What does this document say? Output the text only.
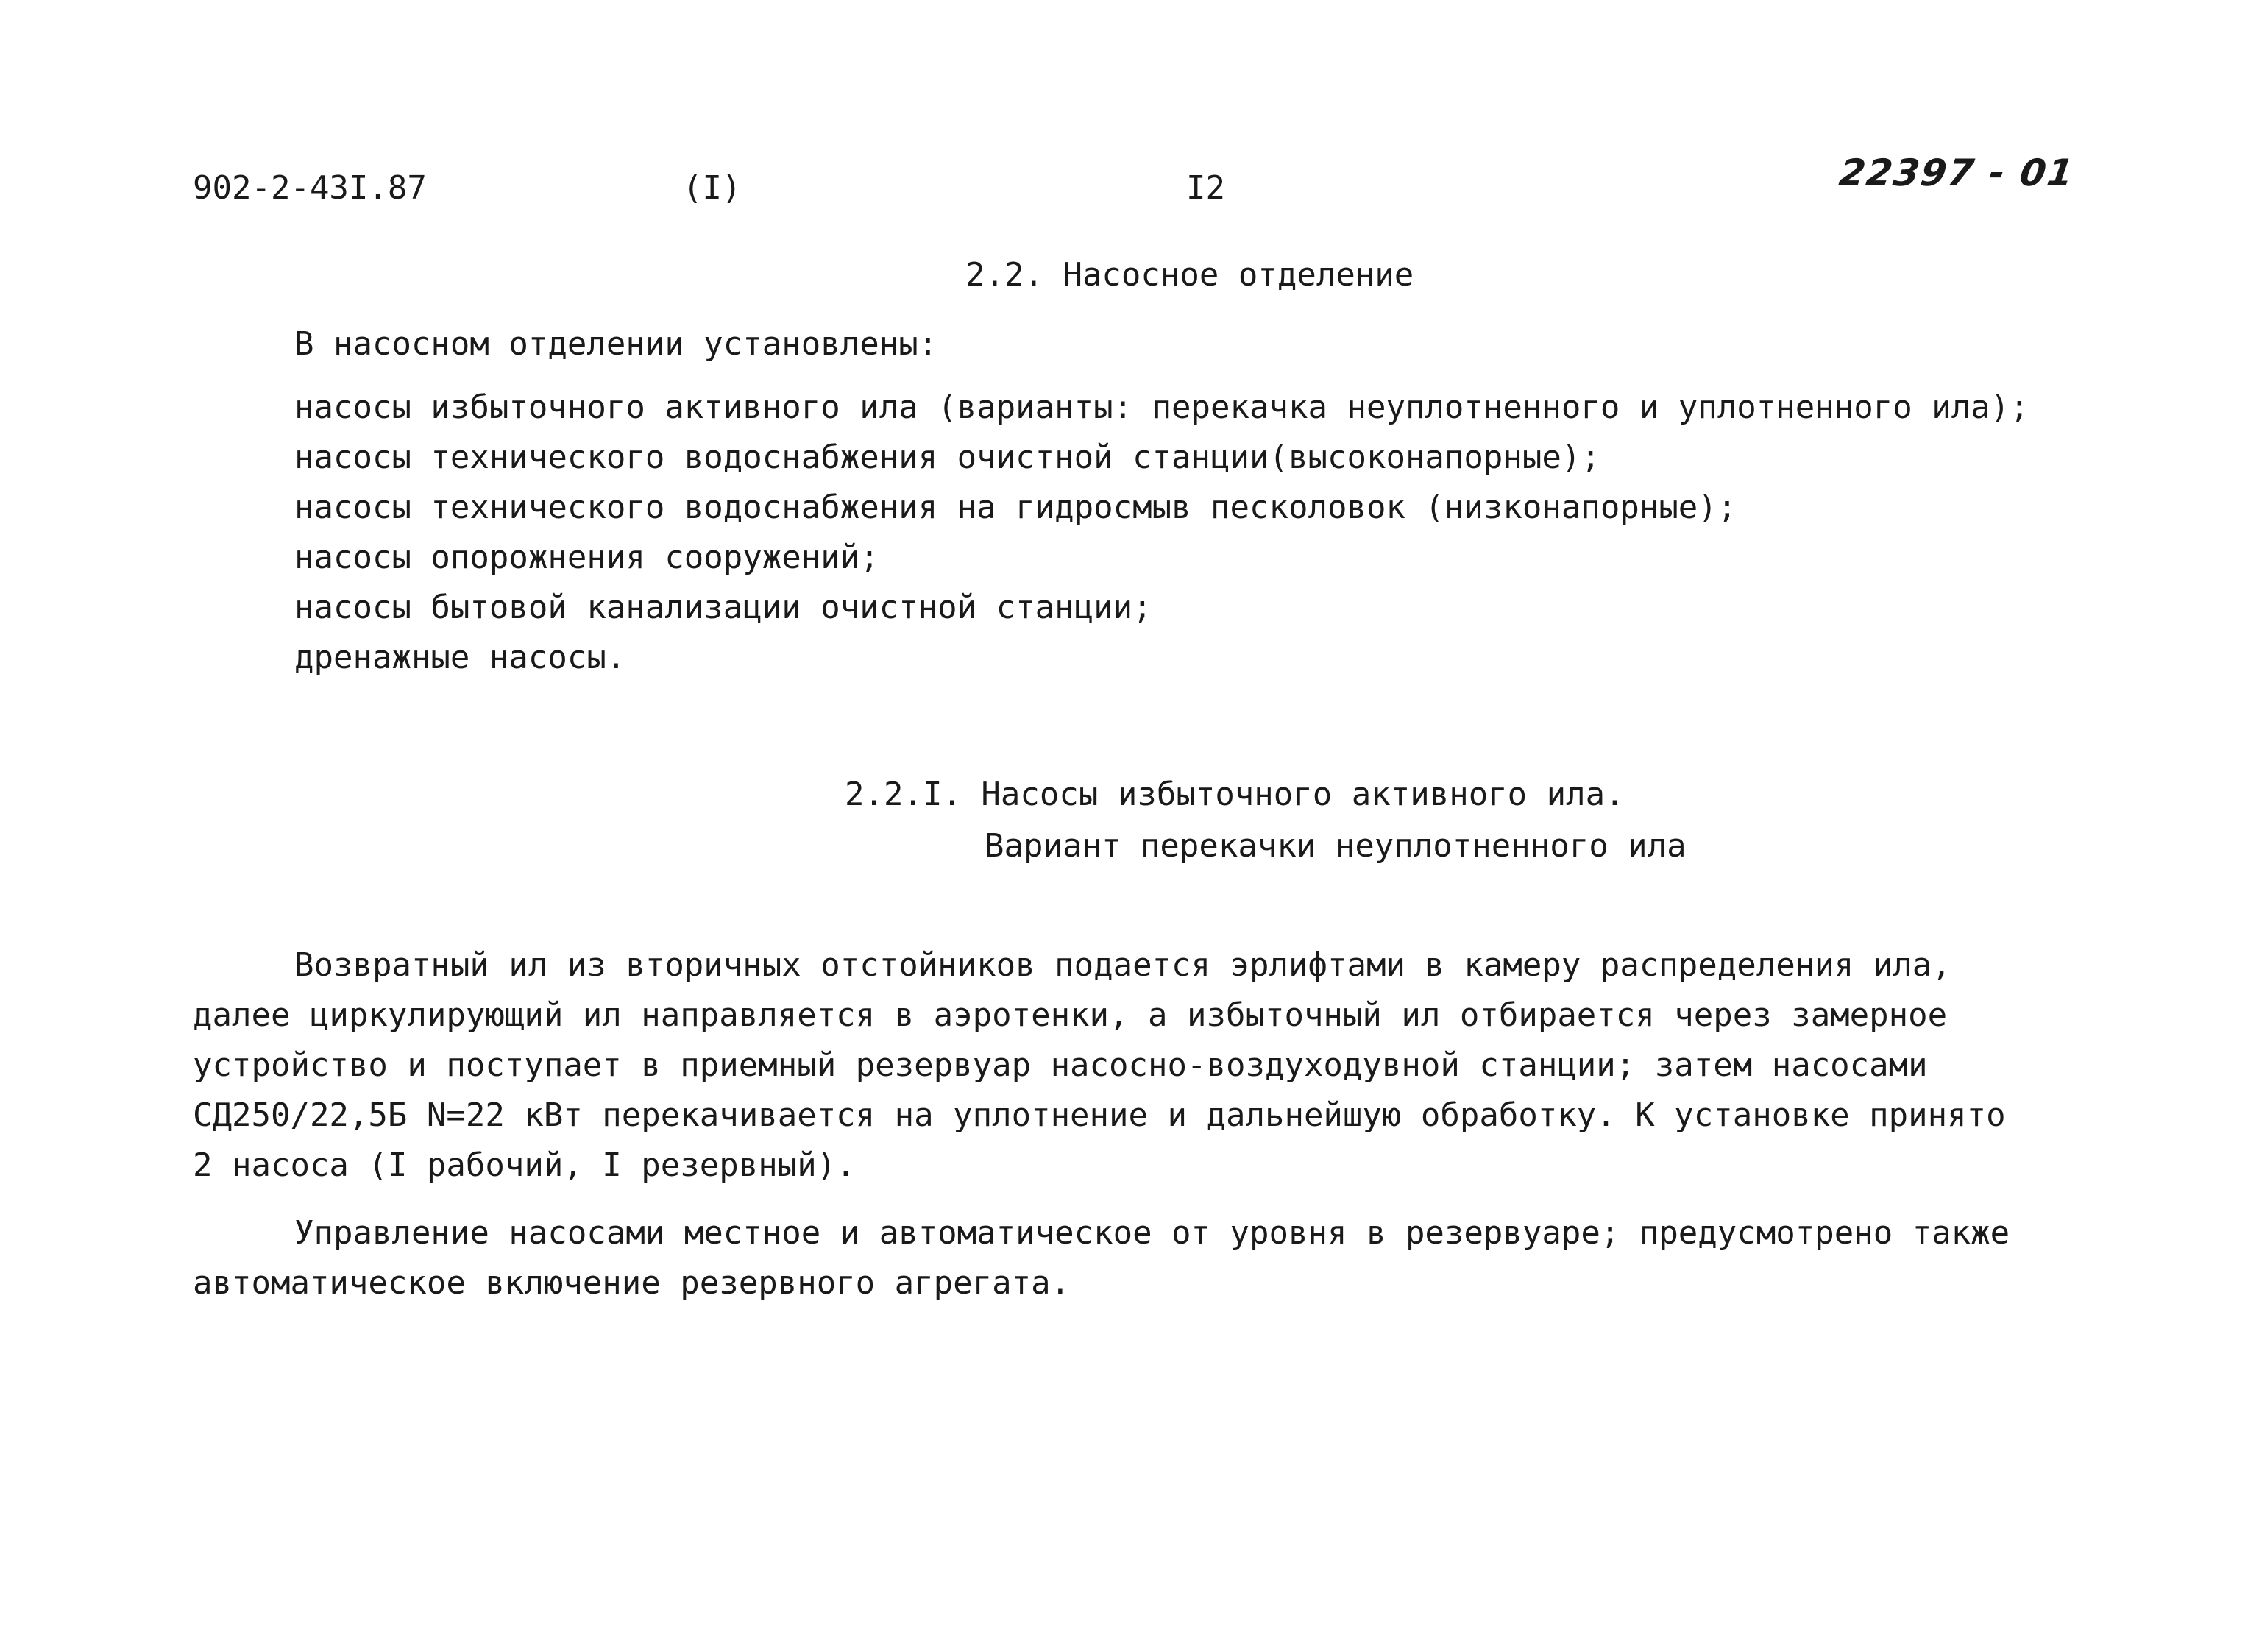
902-2-43I.87	(I)	I2	22397 - 01
2.2. Насосное отделение
В насосном отделении установлены:
насосы избыточного активного ила (варианты: перекачка неуплотненного и уплотненного ила);
насосы технического водоснабжения очистной станции(высоконапорные);
насосы технического водоснабжения на гидросмыв песколовок (низконапорные);
насосы опорожнения сооружений;
насосы бытовой канализации очистной станции;
дренажные насосы.
2.2.I. Насосы избыточного активного ила.
Вариант перекачки неуплотненного ила

Возвратный ил из вторичных отстойников подается эрлифтами в камеру распределения ила,
далее циркулирующий ил направляется в аэротенки, а избыточный ил отбирается через замерное
устройство и поступает в приемный резервуар насосно-воздуходувной станции; затем насосами
СД250/22,5Б N=22 кВт перекачивается на уплотнение и дальнейшую обработку. К установке принято
2 насоса (I рабочий, I резервный).

Управление насосами местное и автоматическое от уровня в резервуаре; предусмотрено также
автоматическое включение резервного агрегата.
